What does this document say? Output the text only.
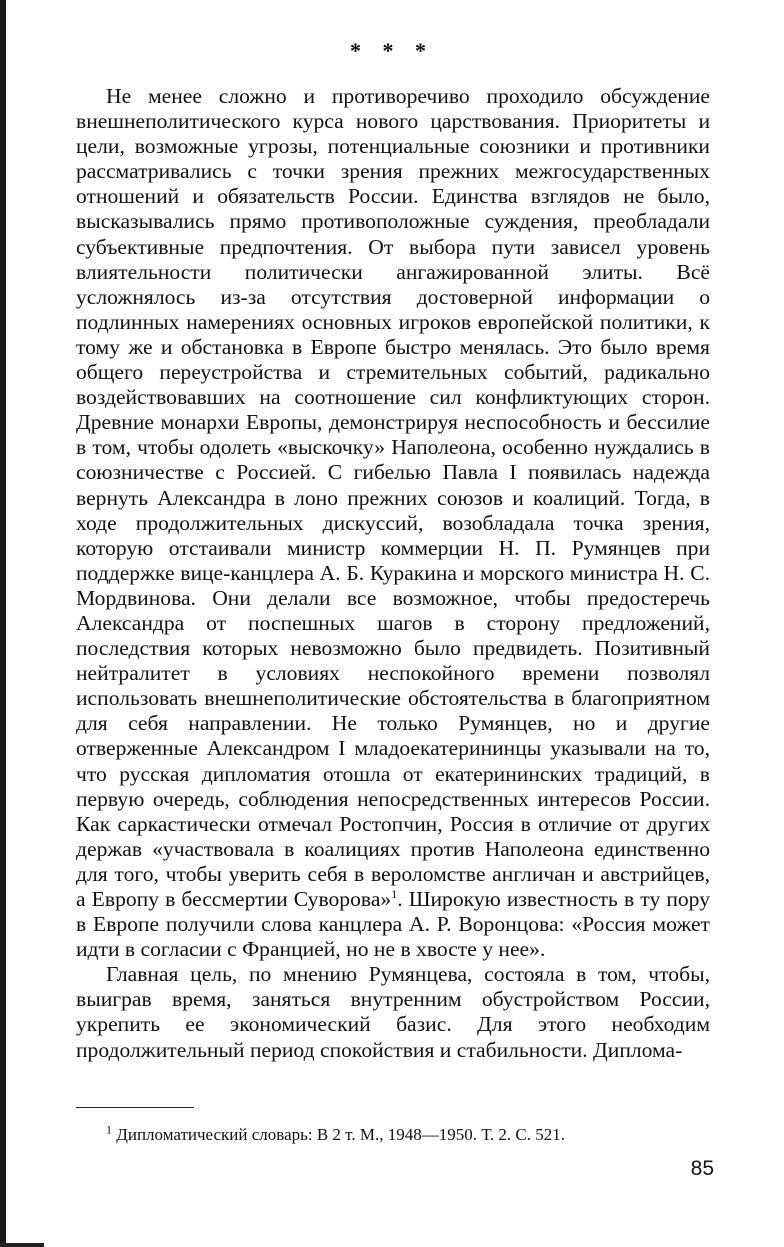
* * *

Не менее сложно и противоречиво проходило обсуждение внешнеполитического курса нового царствования. Приоритеты и цели, возможные угрозы, потенциальные союзники и противники рассматривались с точки зрения прежних межгосударственных отношений и обязательств России. Единства взглядов не было, высказывались прямо противоположные суждения, преобладали субъективные предпочтения. От выбора пути зависел уровень влиятельности политически ангажированной элиты. Всё усложнялось из-за отсутствия достоверной информации о подлинных намерениях основных игроков европейской политики, к тому же и обстановка в Европе быстро менялась. Это было время общего переустройства и стремительных событий, радикально воздействовавших на соотношение сил конфликтующих сторон. Древние монархи Европы, демонстрируя неспособность и бессилие в том, чтобы одолеть «выскочку» Наполеона, особенно нуждались в союзничестве с Россией. С гибелью Павла I появилась надежда вернуть Александра в лоно прежних союзов и коалиций. Тогда, в ходе продолжительных дискуссий, возобладала точка зрения, которую отстаивали министр коммерции Н. П. Румянцев при поддержке вице-канцлера А. Б. Куракина и морского министра Н. С. Мордвинова. Они делали все возможное, чтобы предостеречь Александра от поспешных шагов в сторону предложений, последствия которых невозможно было предвидеть. Позитивный нейтралитет в условиях неспокойного времени позволял использовать внешнеполитические обстоятельства в благоприятном для себя направлении. Не только Румянцев, но и другие отверженные Александром I младоекатерининцы указывали на то, что русская дипломатия отошла от екатерининских традиций, в первую очередь, соблюдения непосредственных интересов России. Как саркастически отмечал Ростопчин, Россия в отличие от других держав «участвовала в коалициях против Наполеона единственно для того, чтобы уверить себя в вероломстве англичан и австрийцев, а Европу в бессмертии Суворова»$^1$. Широкую известность в ту пору в Европе получили слова канцлера А. Р. Воронцова: «Россия может идти в согласии с Францией, но не в хвосте у нее».

Главная цель, по мнению Румянцева, состояла в том, чтобы, выиграв время, заняться внутренним обустройством России, укрепить ее экономический базис. Для этого необходим продолжительный период спокойствия и стабильности. Диплома-

$^1$ Дипломатический словарь: В 2 т. М., 1948—1950. Т. 2. С. 521.
85
